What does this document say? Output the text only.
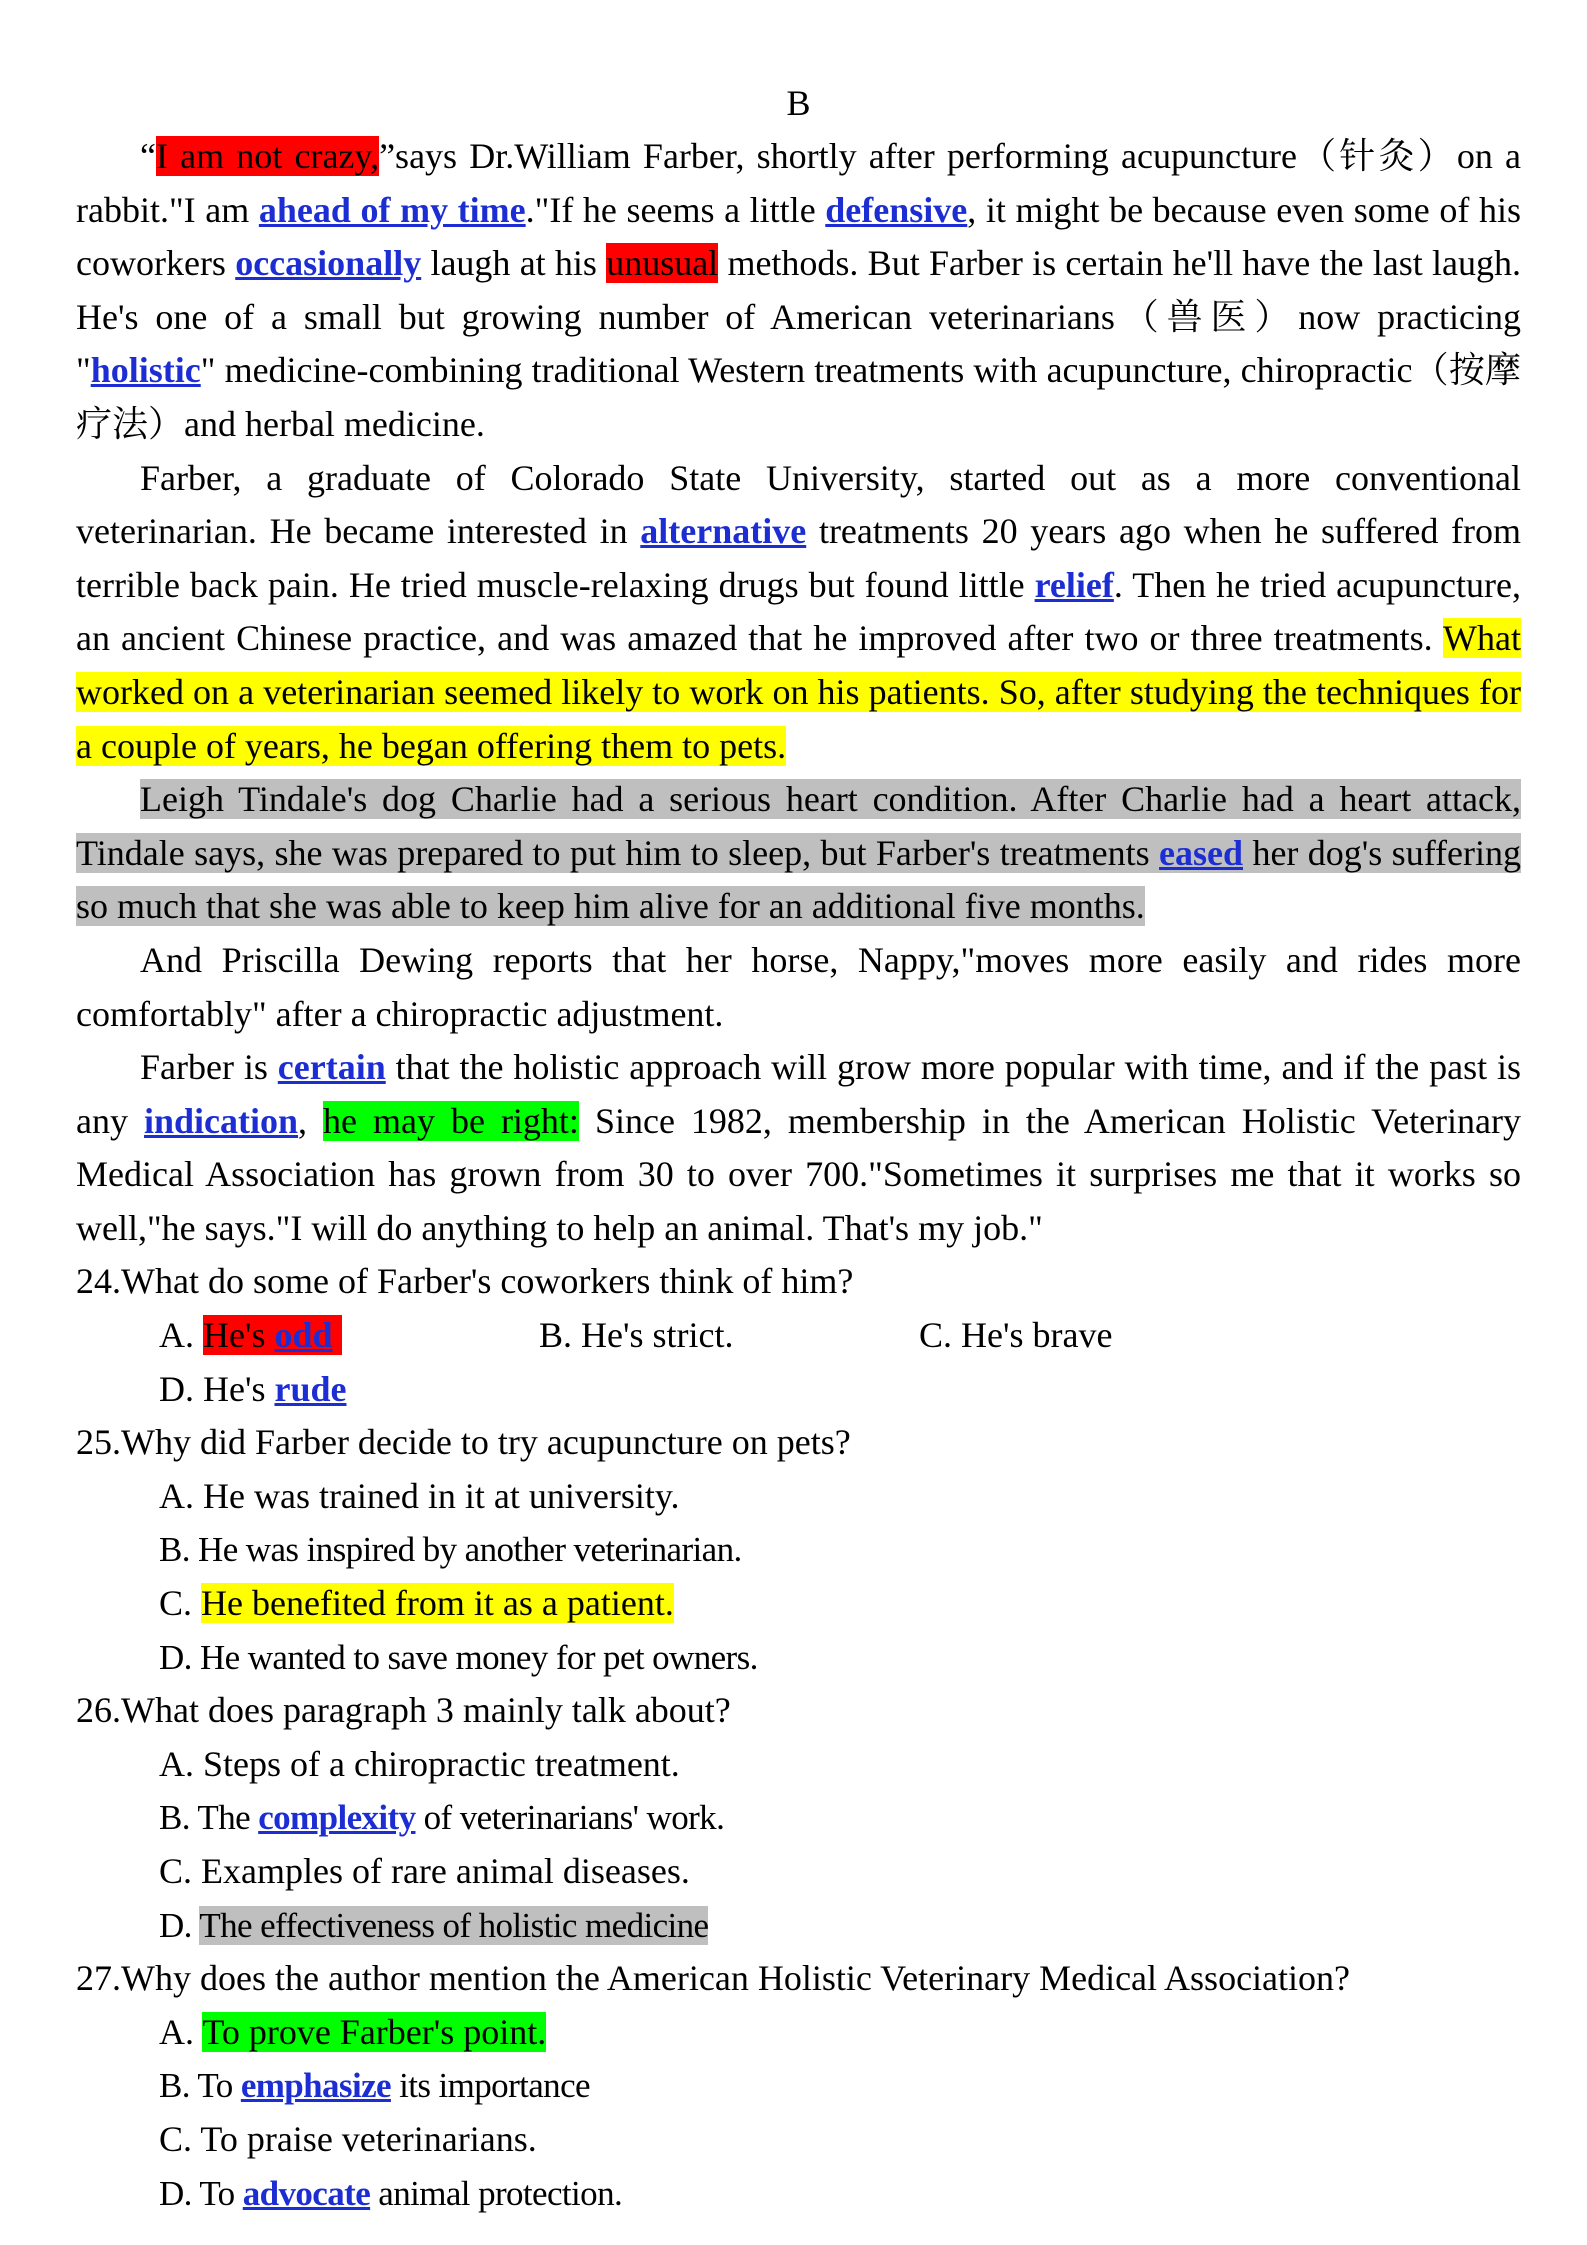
B

“I am not crazy,”says Dr.William Farber, shortly after performing acupuncture（针灸）on a rabbit."I am ahead of my time."If he seems a little defensive, it might be because even some of his coworkers occasionally laugh at his unusual methods. But Farber is certain he'll have the last laugh. He's one of a small but growing number of American veterinarians（兽医）now practicing "holistic" medicine-combining traditional Western treatments with acupuncture, chiropractic（按摩疗法）and herbal medicine.

Farber, a graduate of Colorado State University, started out as a more conventional veterinarian. He became interested in alternative treatments 20 years ago when he suffered from terrible back pain. He tried muscle-relaxing drugs but found little relief. Then he tried acupuncture, an ancient Chinese practice, and was amazed that he improved after two or three treatments. What worked on a veterinarian seemed likely to work on his patients. So, after studying the techniques for a couple of years, he began offering them to pets.

Leigh Tindale's dog Charlie had a serious heart condition. After Charlie had a heart attack, Tindale says, she was prepared to put him to sleep, but Farber's treatments eased her dog's suffering so much that she was able to keep him alive for an additional five months.

And Priscilla Dewing reports that her horse, Nappy,"moves more easily and rides more comfortably" after a chiropractic adjustment.

Farber is certain that the holistic approach will grow more popular with time, and if the past is any indication, he may be right: Since 1982, membership in the American Holistic Veterinary Medical Association has grown from 30 to over 700."Sometimes it surprises me that it works so well,"he says."I will do anything to help an animal. That's my job."

24.What do some of Farber's coworkers think of him?

A. He's odd	B. He's strict.	C. He's brave
D. He's rude

25.Why did Farber decide to try acupuncture on pets?

A. He was trained in it at university.
B. He was inspired by another veterinarian.
C. He benefited from it as a patient.
D. He wanted to save money for pet owners.

26.What does paragraph 3 mainly talk about?

A. Steps of a chiropractic treatment.
B. The complexity of veterinarians' work.
C. Examples of rare animal diseases.
D. The effectiveness of holistic medicine

27.Why does the author mention the American Holistic Veterinary Medical Association?

A. To prove Farber's point.
B. To emphasize its importance
C. To praise veterinarians.
D. To advocate animal protection.
